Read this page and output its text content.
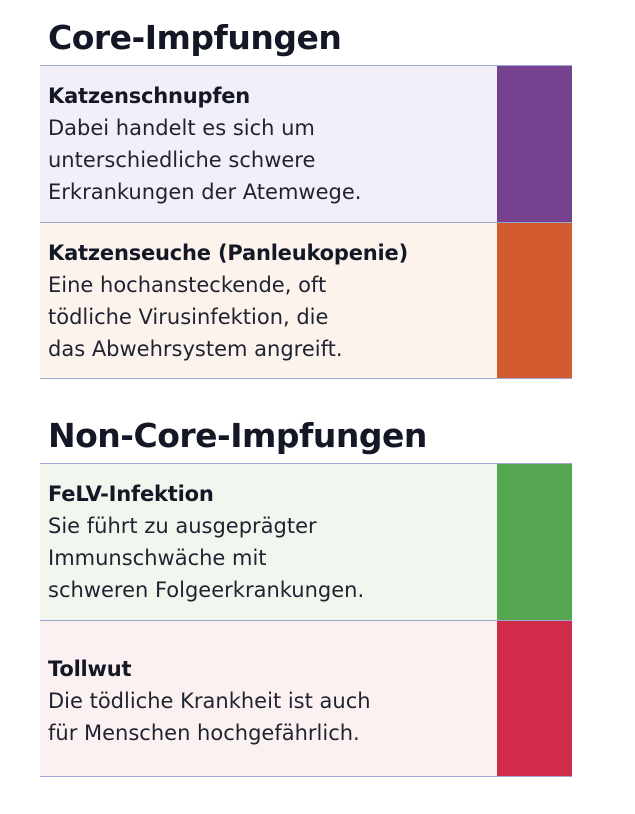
Core-Impfungen
Katzenschnupfen
Dabei handelt es sich um
unterschiedliche schwere
Erkrankungen der Atemwege.
Katzenseuche (Panleukopenie)
Eine hochansteckende, oft
tödliche Virusinfektion, die
das Abwehrsystem angreift.
Non-Core-Impfungen
FeLV-Infektion
Sie führt zu ausgeprägter
Immunschwäche mit
schweren Folgeerkrankungen.
Tollwut
Die tödliche Krankheit ist auch
für Menschen hochgefährlich.
